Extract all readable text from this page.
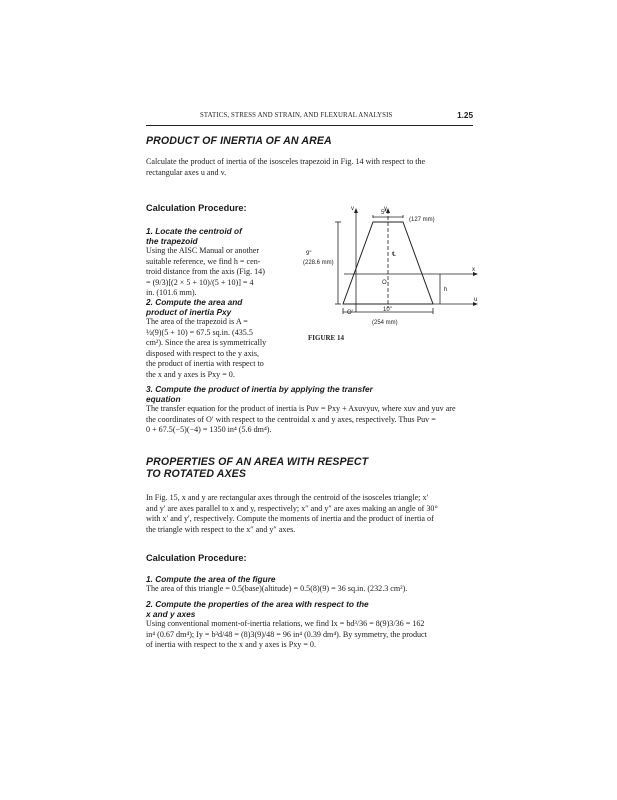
STATICS, STRESS AND STRAIN, AND FLEXURAL ANALYSIS	1.25

PRODUCT OF INERTIA OF AN AREA

Calculate the product of inertia of the isosceles trapezoid in Fig. 14 with respect to the

rectangular axes u and v.

Calculation Procedure:

1. Locate the centroid of

the trapezoid

Using the AISC Manual or another

suitable reference, we find h = cen-

troid distance from the axis (Fig. 14)

= (9/3)[(2 × 5 + 10)/(5 + 10)] = 4

in. (101.6 mm).

2. Compute the area and

product of inertia Pxy

The area of the trapezoid is A =

½(9)(5 + 10) = 67.5 sq.in. (435.5

cm²). Since the area is symmetrically

disposed with respect to the y axis,

the product of inertia with respect to

the x and y axes is Pxy = 0.

v	y
x
u
h
O
O′
℄
5"
(127 mm)
9"
(228.6 mm)
10"
(254 mm)
FIGURE 14

3. Compute the product of inertia by applying the transfer

equation

The transfer equation for the product of inertia is Puv = Pxy + Axuvyuv, where xuv and yuv are

the coordinates of O′ with respect to the centroidal x and y axes, respectively. Thus Puv =

0 + 67.5(−5)(−4) = 1350 in⁴ (5.6 dm⁴).

PROPERTIES OF AN AREA WITH RESPECT

TO ROTATED AXES

In Fig. 15, x and y are rectangular axes through the centroid of the isosceles triangle; x′

and y′ are axes parallel to x and y, respectively; x″ and y″ are axes making an angle of 30°

with x′ and y′, respectively. Compute the moments of inertia and the product of inertia of

the triangle with respect to the x″ and y″ axes.

Calculation Procedure:

1. Compute the area of the figure

The area of this triangle = 0.5(base)(altitude) = 0.5(8)(9) = 36 sq.in. (232.3 cm²).

2. Compute the properties of the area with respect to the

x and y axes

Using conventional moment-of-inertia relations, we find Ix = bd³/36 = 8(9)3/36 = 162

in⁴ (0.67 dm⁴); Iy = b³d/48 = (8)3(9)/48 = 96 in⁴ (0.39 dm⁴). By symmetry, the product

of inertia with respect to the x and y axes is Pxy = 0.
